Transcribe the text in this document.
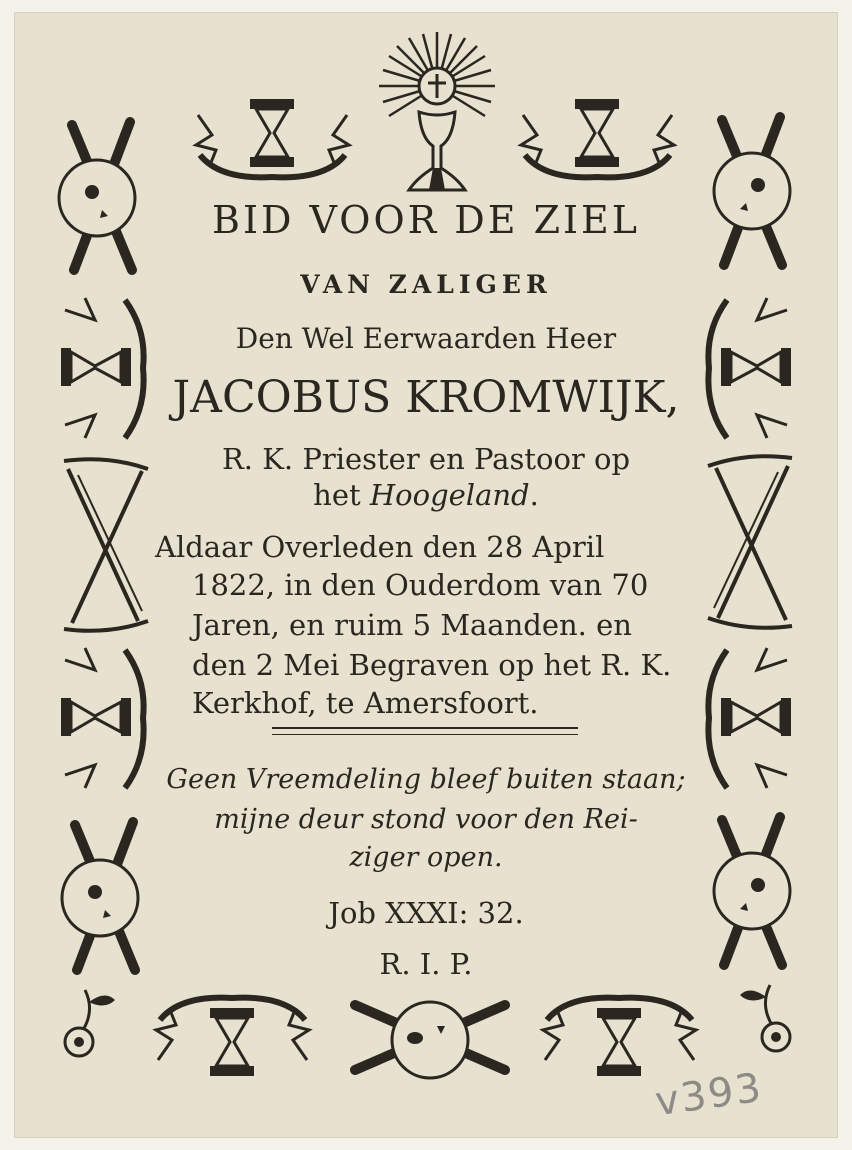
BID VOOR DE ZIEL
VAN ZALIGER
Den Wel Eerwaarden Heer
JACOBUS KROMWIJK,
R. K. Priester en Pastoor op
het Hoogeland.
Aldaar Overleden den 28 April
1822, in den Ouderdom van 70
Jaren, en ruim 5 Maanden. en
den 2 Mei Begraven op het R. K.
Kerkhof, te Amersfoort.
Geen Vreemdeling bleef buiten staan;
mijne deur stond voor den Rei-
ziger open.
Job XXXI: 32.
R. I. P.
v393
